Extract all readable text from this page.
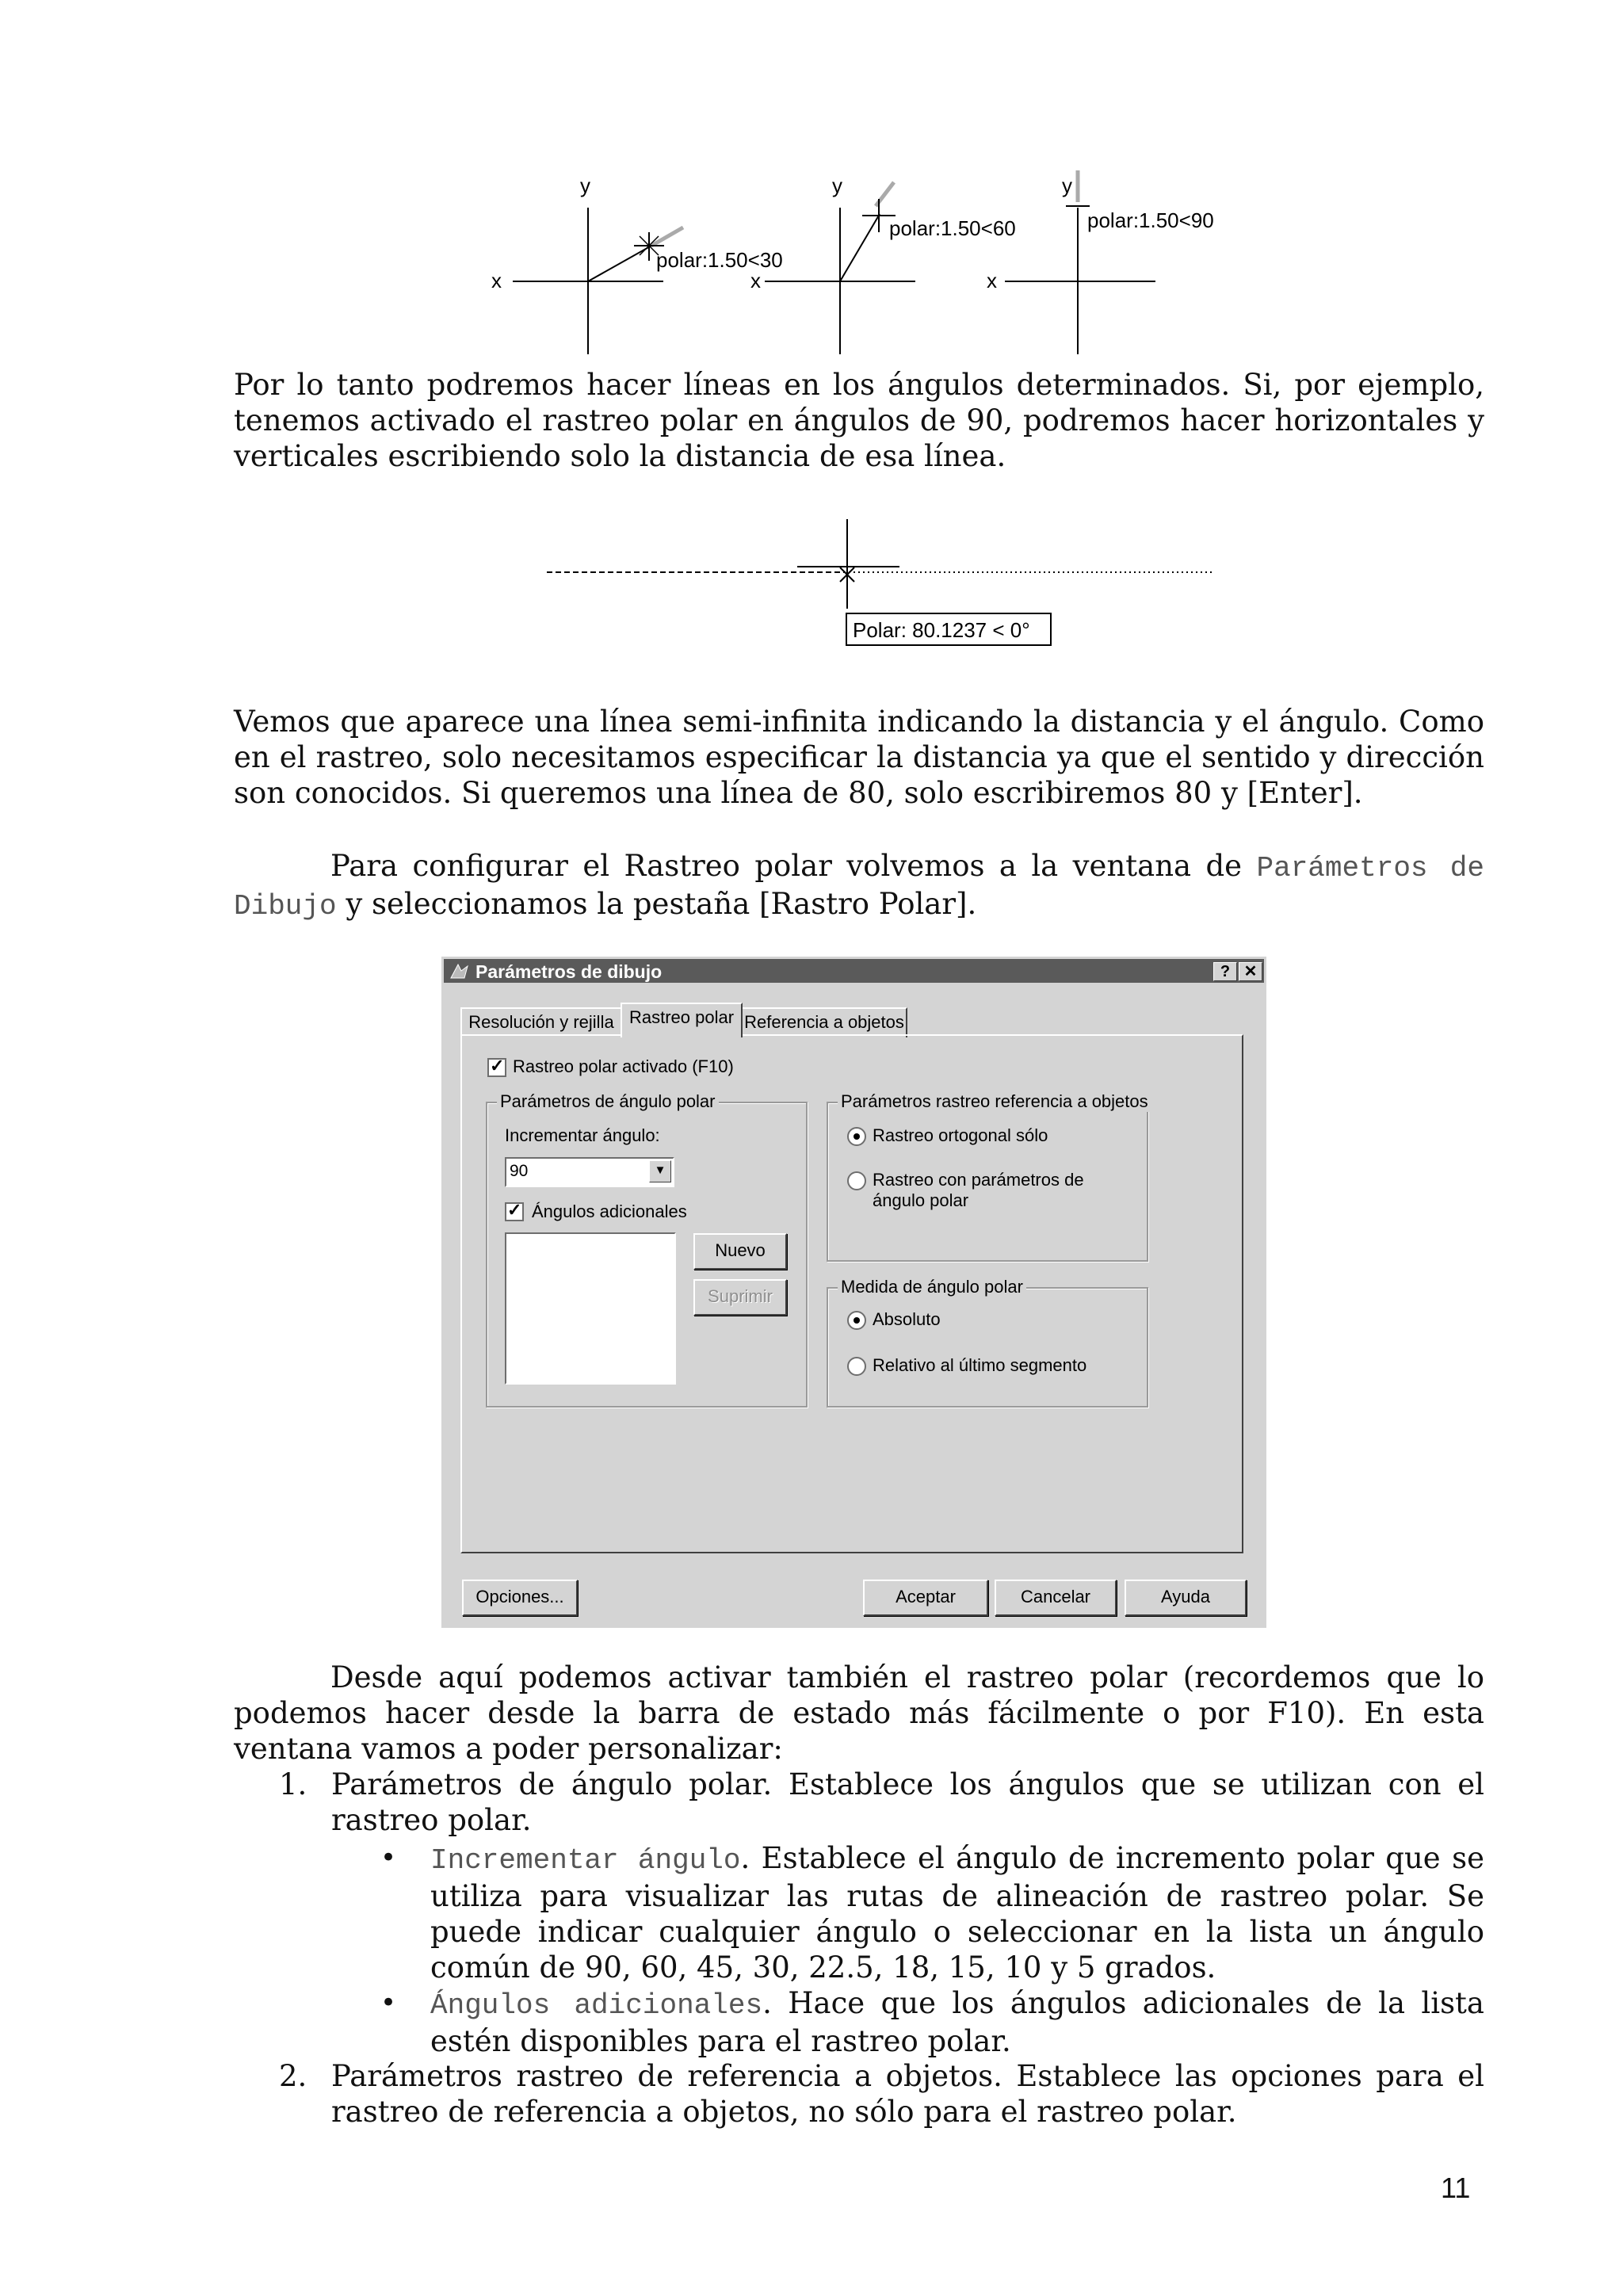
y
x
polar:1.50<30
y
x
polar:1.50<60
y
x
polar:1.50<90

Por lo tanto podremos hacer líneas en los ángulos determinados. Si, por ejemplo, tenemos activado el rastreo polar en ángulos de 90, podremos hacer horizontales y verticales escribiendo solo la distancia de esa línea.

Polar: 80.1237 < 0°

Vemos que aparece una línea semi-infinita indicando la distancia y el ángulo. Como en el rastreo, solo necesitamos especificar la distancia ya que el sentido y dirección son conocidos. Si queremos una línea de 80, solo escribiremos 80 y [Enter].

Para configurar el Rastreo polar volvemos a la ventana de Parámetros de Dibujo y seleccionamos la pestaña [Rastro Polar].

Parámetros de dibujo	? ✕
Resolución y rejilla Rastreo polar Referencia a objetos
✓ Rastreo polar activado (F10)
Parámetros de ángulo polar
Incrementar ángulo:
90	▼
✓ Ángulos adicionales
Nuevo
Suprimir
Parámetros rastreo referencia a objetos
Rastreo ortogonal sólo
Rastreo con parámetros de
ángulo polar
Medida de ángulo polar
Absoluto
Relativo al último segmento
Opciones...	Aceptar	Cancelar	Ayuda

Desde aquí podemos activar también el rastreo polar (recordemos que lo podemos hacer desde la barra de estado más fácilmente o por F10). En esta ventana vamos a poder personalizar:

1. Parámetros de ángulo polar. Establece los ángulos que se utilizan con el rastreo polar.

• Incrementar ángulo. Establece el ángulo de incremento polar que se utiliza para visualizar las rutas de alineación de rastreo polar. Se puede indicar cualquier ángulo o seleccionar en la lista un ángulo común de 90, 60, 45, 30, 22.5, 18, 15, 10 y 5 grados.

• Ángulos adicionales. Hace que los ángulos adicionales de la lista estén disponibles para el rastreo polar.

2. Parámetros rastreo de referencia a objetos. Establece las opciones para el rastreo de referencia a objetos, no sólo para el rastreo polar.

11
